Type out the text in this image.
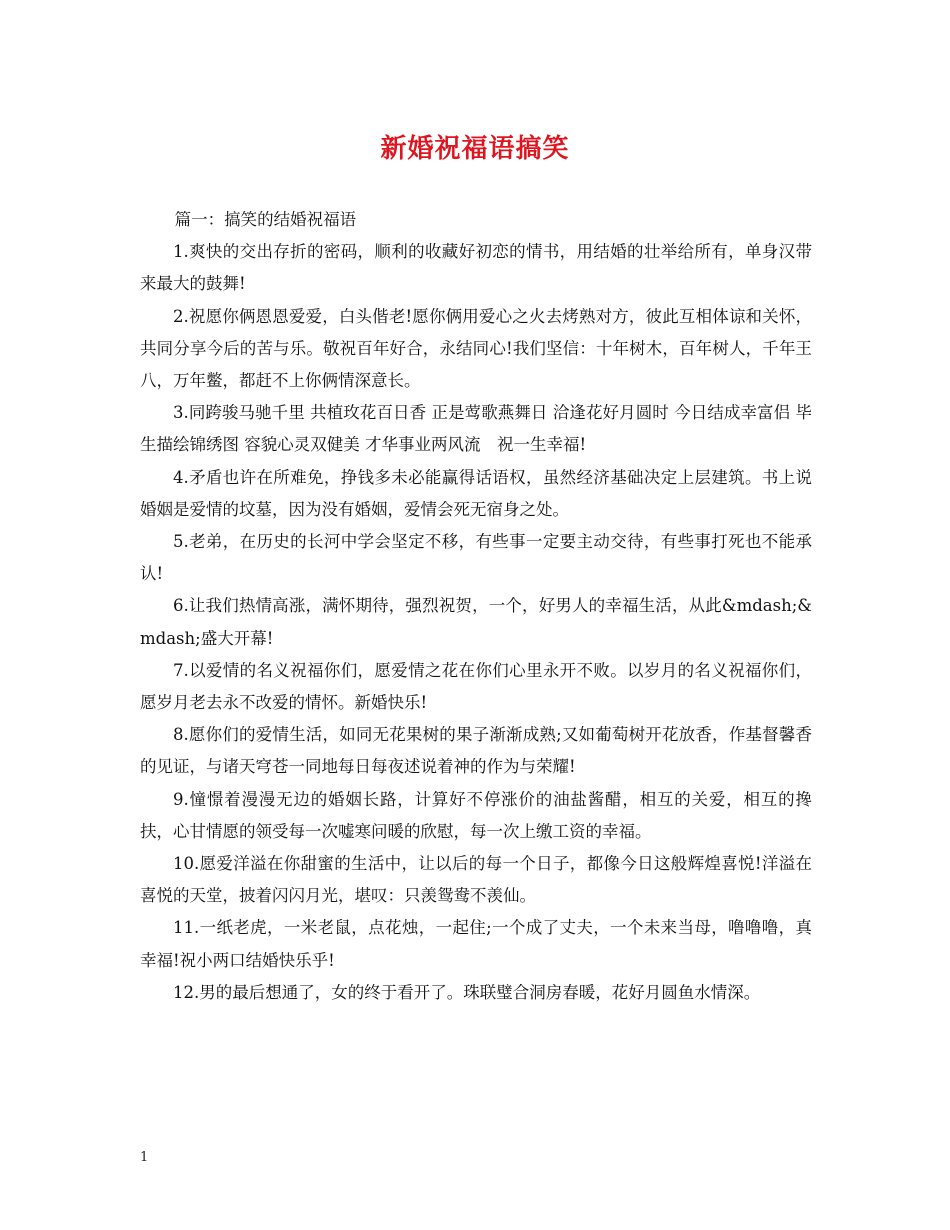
新婚祝福语搞笑

篇一：搞笑的结婚祝福语

1.爽快的交出存折的密码，顺利的收藏好初恋的情书，用结婚的壮举给所有，单身汉带来最大的鼓舞!

2.祝愿你俩恩恩爱爱，白头偕老!愿你俩用爱心之火去烤熟对方，彼此互相体谅和关怀，共同分享今后的苦与乐。敬祝百年好合，永结同心!我们坚信：十年树木，百年树人，千年王八，万年鳖，都赶不上你俩情深意长。

3.同跨骏马驰千里 共植玫花百日香 正是莺歌燕舞日 洽逢花好月圆时 今日结成幸富侣 毕生描绘锦绣图 容貌心灵双健美 才华事业两风流　祝一生幸福!

4.矛盾也许在所难免，挣钱多未必能赢得话语权，虽然经济基础决定上层建筑。书上说婚姻是爱情的坟墓，因为没有婚姻，爱情会死无宿身之处。

5.老弟，在历史的长河中学会坚定不移，有些事一定要主动交待，有些事打死也不能承认!

6.让我们热情高涨，满怀期待，强烈祝贺，一个，好男人的幸福生活，从此&mdash;&mdash;盛大开幕!

7.以爱情的名义祝福你们，愿爱情之花在你们心里永开不败。以岁月的名义祝福你们，愿岁月老去永不改爱的情怀。新婚快乐!

8.愿你们的爱情生活，如同无花果树的果子渐渐成熟;又如葡萄树开花放香，作基督馨香的见证，与诸天穹苍一同地每日每夜述说着神的作为与荣耀!

9.憧憬着漫漫无边的婚姻长路，计算好不停涨价的油盐酱醋，相互的关爱，相互的搀扶，心甘情愿的领受每一次嘘寒问暖的欣慰，每一次上缴工资的幸福。

10.愿爱洋溢在你甜蜜的生活中，让以后的每一个日子，都像今日这般辉煌喜悦!洋溢在喜悦的天堂，披着闪闪月光，堪叹：只羡鸳鸯不羡仙。

11.一纸老虎，一米老鼠，点花烛，一起住;一个成了丈夫，一个未来当母，噜噜噜，真幸福!祝小两口结婚快乐乎!

12.男的最后想通了，女的终于看开了。珠联璧合洞房春暖，花好月圆鱼水情深。

1
